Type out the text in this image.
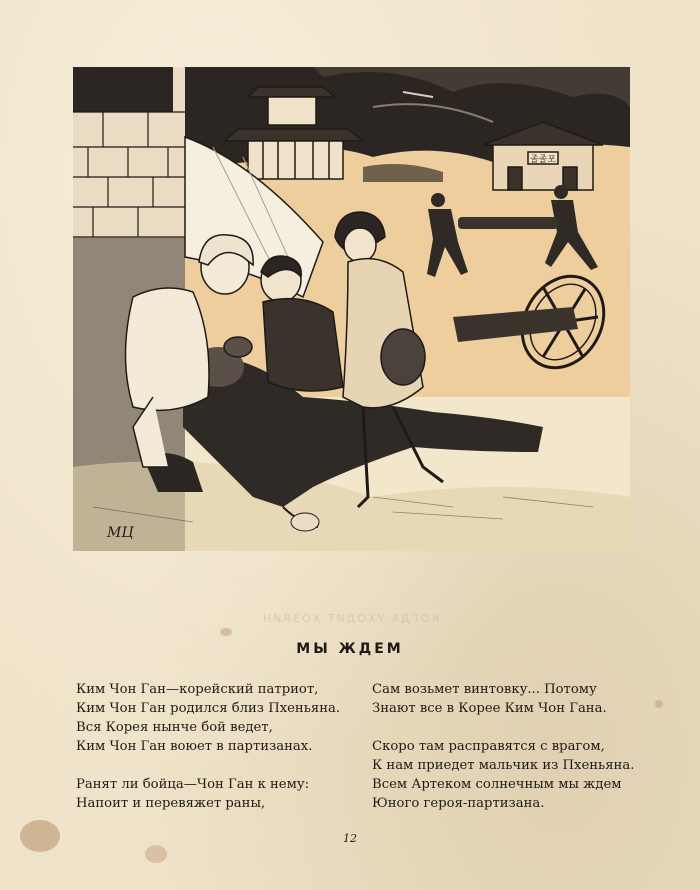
졸졸포
МЦ
КОГДА УХОДИТ ХОЗЯИН
МЫ ЖДЕМ
Ким Чон Ган—корейский патриот,
Ким Чон Ган родился близ Пхеньяна.
Вся Корея нынче бой ведет,
Ким Чон Ган воюет в партизанах.
Ранят ли бойца—Чон Ган к нему:
Напоит и перевяжет раны,
Сам возьмет винтовку... Потому
Знают все в Корее Ким Чон Гана.
Скоро там расправятся с врагом,
К нам приедет мальчик из Пхеньяна.
Всем Артеком солнечным мы ждем
Юного героя-партизана.
12
